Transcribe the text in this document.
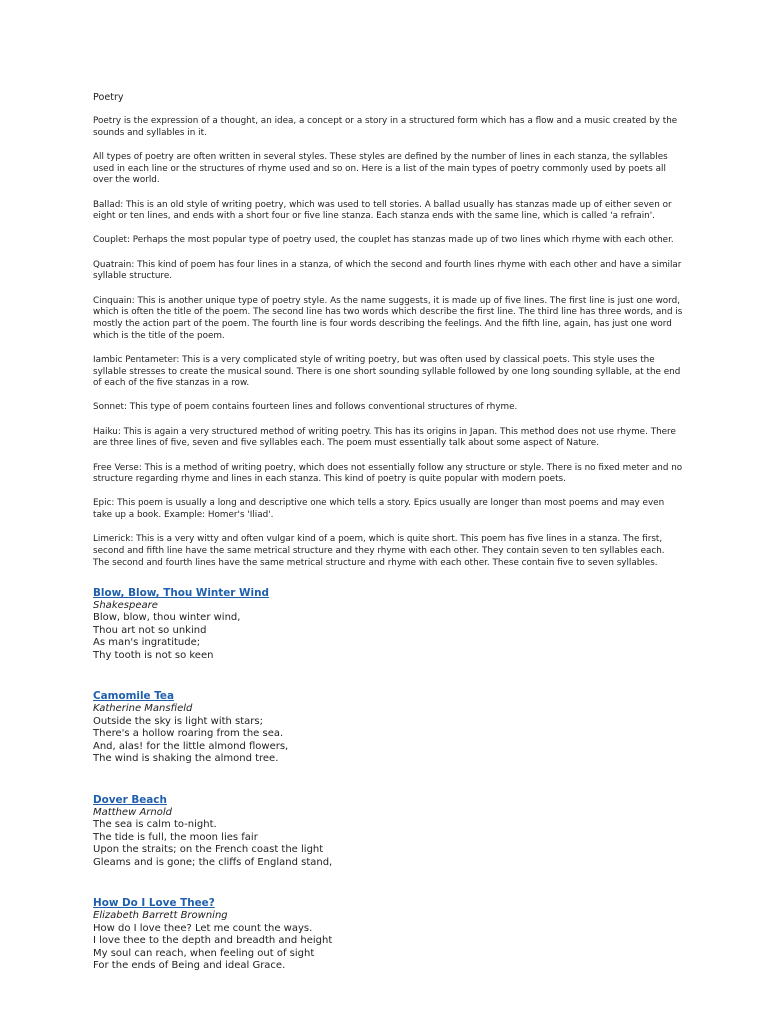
Poetry
Poetry is the expression of a thought, an idea, a concept or a story in a structured form which has a flow and a music created by the sounds and syllables in it.
All types of poetry are often written in several styles. These styles are defined by the number of lines in each stanza, the syllables used in each line or the structures of rhyme used and so on. Here is a list of the main types of poetry commonly used by poets all over the world.
Ballad: This is an old style of writing poetry, which was used to tell stories. A ballad usually has stanzas made up of either seven or eight or ten lines, and ends with a short four or five line stanza. Each stanza ends with the same line, which is called 'a refrain'.
Couplet: Perhaps the most popular type of poetry used, the couplet has stanzas made up of two lines which rhyme with each other.
Quatrain: This kind of poem has four lines in a stanza, of which the second and fourth lines rhyme with each other and have a similar syllable structure.
Cinquain: This is another unique type of poetry style. As the name suggests, it is made up of five lines. The first line is just one word, which is often the title of the poem. The second line has two words which describe the first line. The third line has three words, and is mostly the action part of the poem. The fourth line is four words describing the feelings. And the fifth line, again, has just one word which is the title of the poem.
Iambic Pentameter: This is a very complicated style of writing poetry, but was often used by classical poets. This style uses the syllable stresses to create the musical sound. There is one short sounding syllable followed by one long sounding syllable, at the end of each of the five stanzas in a row.
Sonnet: This type of poem contains fourteen lines and follows conventional structures of rhyme.
Haiku: This is again a very structured method of writing poetry. This has its origins in Japan. This method does not use rhyme. There are three lines of five, seven and five syllables each. The poem must essentially talk about some aspect of Nature.
Free Verse: This is a method of writing poetry, which does not essentially follow any structure or style. There is no fixed meter and no structure regarding rhyme and lines in each stanza. This kind of poetry is quite popular with modern poets.
Epic: This poem is usually a long and descriptive one which tells a story. Epics usually are longer than most poems and may even take up a book. Example: Homer's 'Iliad'.
Limerick: This is a very witty and often vulgar kind of a poem, which is quite short. This poem has five lines in a stanza. The first, second and fifth line have the same metrical structure and they rhyme with each other. They contain seven to ten syllables each. The second and fourth lines have the same metrical structure and rhyme with each other. These contain five to seven syllables.
Blow, Blow, Thou Winter Wind
Shakespeare
Blow, blow, thou winter wind,
Thou art not so unkind
As man's ingratitude;
Thy tooth is not so keen
Camomile Tea
Katherine Mansfield
Outside the sky is light with stars;
There's a hollow roaring from the sea.
And, alas! for the little almond flowers,
The wind is shaking the almond tree.
Dover Beach
Matthew Arnold
The sea is calm to-night.
The tide is full, the moon lies fair
Upon the straits; on the French coast the light
Gleams and is gone; the cliffs of England stand,
How Do I Love Thee?
Elizabeth Barrett Browning
How do I love thee? Let me count the ways.
I love thee to the depth and breadth and height
My soul can reach, when feeling out of sight
For the ends of Being and ideal Grace.
